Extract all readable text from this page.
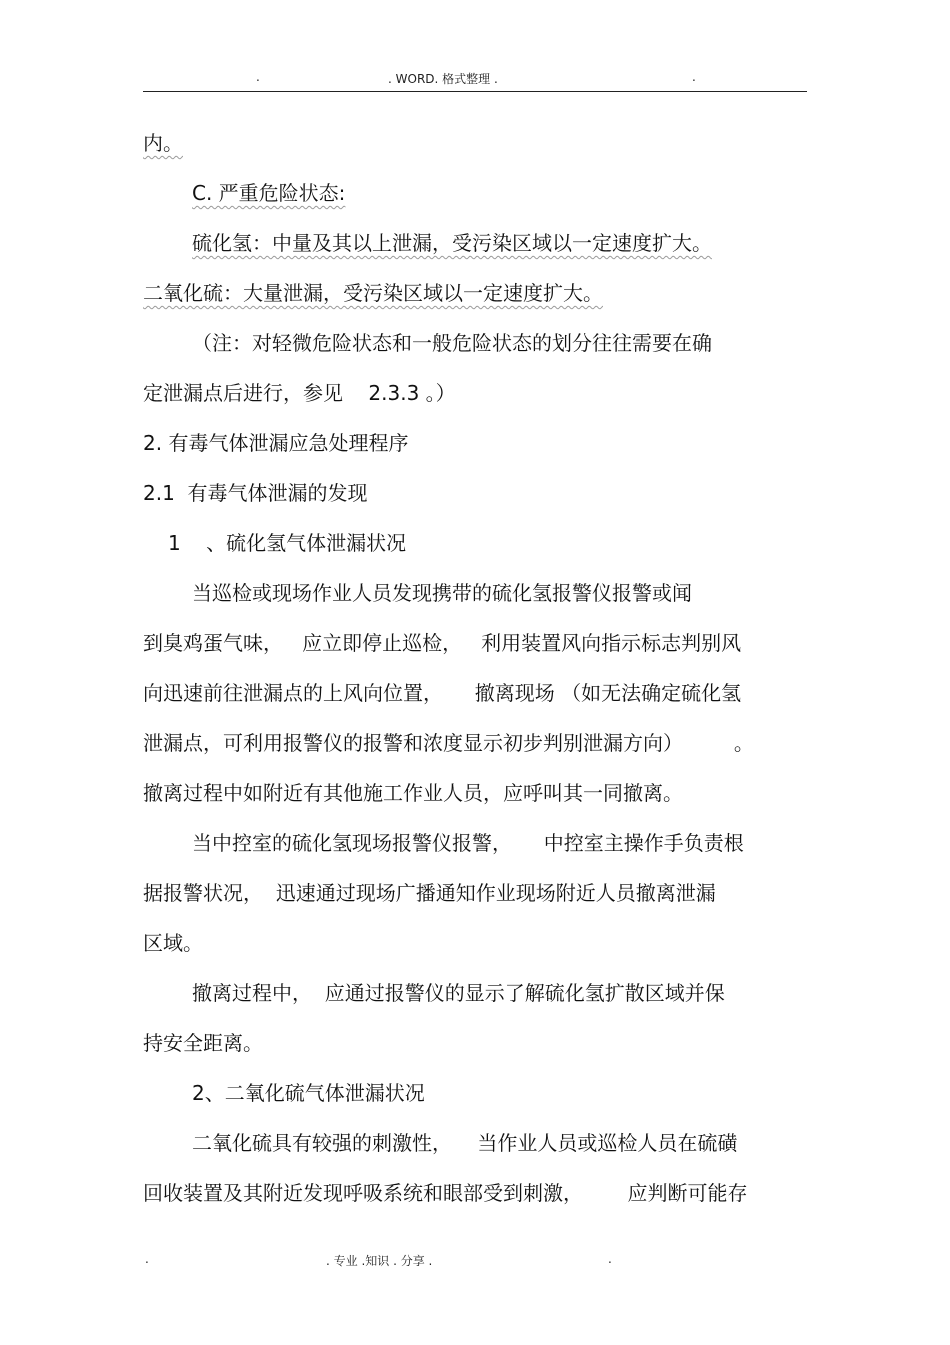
.	. WORD. 格式整理 .	.
内。
C. 严重危险状态:
硫化氢：中量及其以上泄漏，受污染区域以一定速度扩大。
二氧化硫：大量泄漏，受污染区域以一定速度扩大。
（注：对轻微危险状态和一般危险状态的划分往往需要在确
定泄漏点后进行，参见    2.3.3 。）
2. 有毒气体泄漏应急处理程序
2.1  有毒气体泄漏的发现
1    、硫化氢气体泄漏状况
当巡检或现场作业人员发现携带的硫化氢报警仪报警或闻
到臭鸡蛋气味，   应立即停止巡检，   利用装置风向指示标志判别风
向迅速前往泄漏点的上风向位置，     撤离现场 （如无法确定硫化氢
泄漏点，可利用报警仪的报警和浓度显示初步判别泄漏方向）        。
撤离过程中如附近有其他施工作业人员，应呼叫其一同撤离。
当中控室的硫化氢现场报警仪报警，     中控室主操作手负责根
据报警状况，  迅速通过现场广播通知作业现场附近人员撤离泄漏
区域。
撤离过程中，  应通过报警仪的显示了解硫化氢扩散区域并保
持安全距离。
2、二氧化硫气体泄漏状况
二氧化硫具有较强的刺激性，    当作业人员或巡检人员在硫磺
回收装置及其附近发现呼吸系统和眼部受到刺激，       应判断可能存
.	. 专业 .知识 . 分享 .	.
